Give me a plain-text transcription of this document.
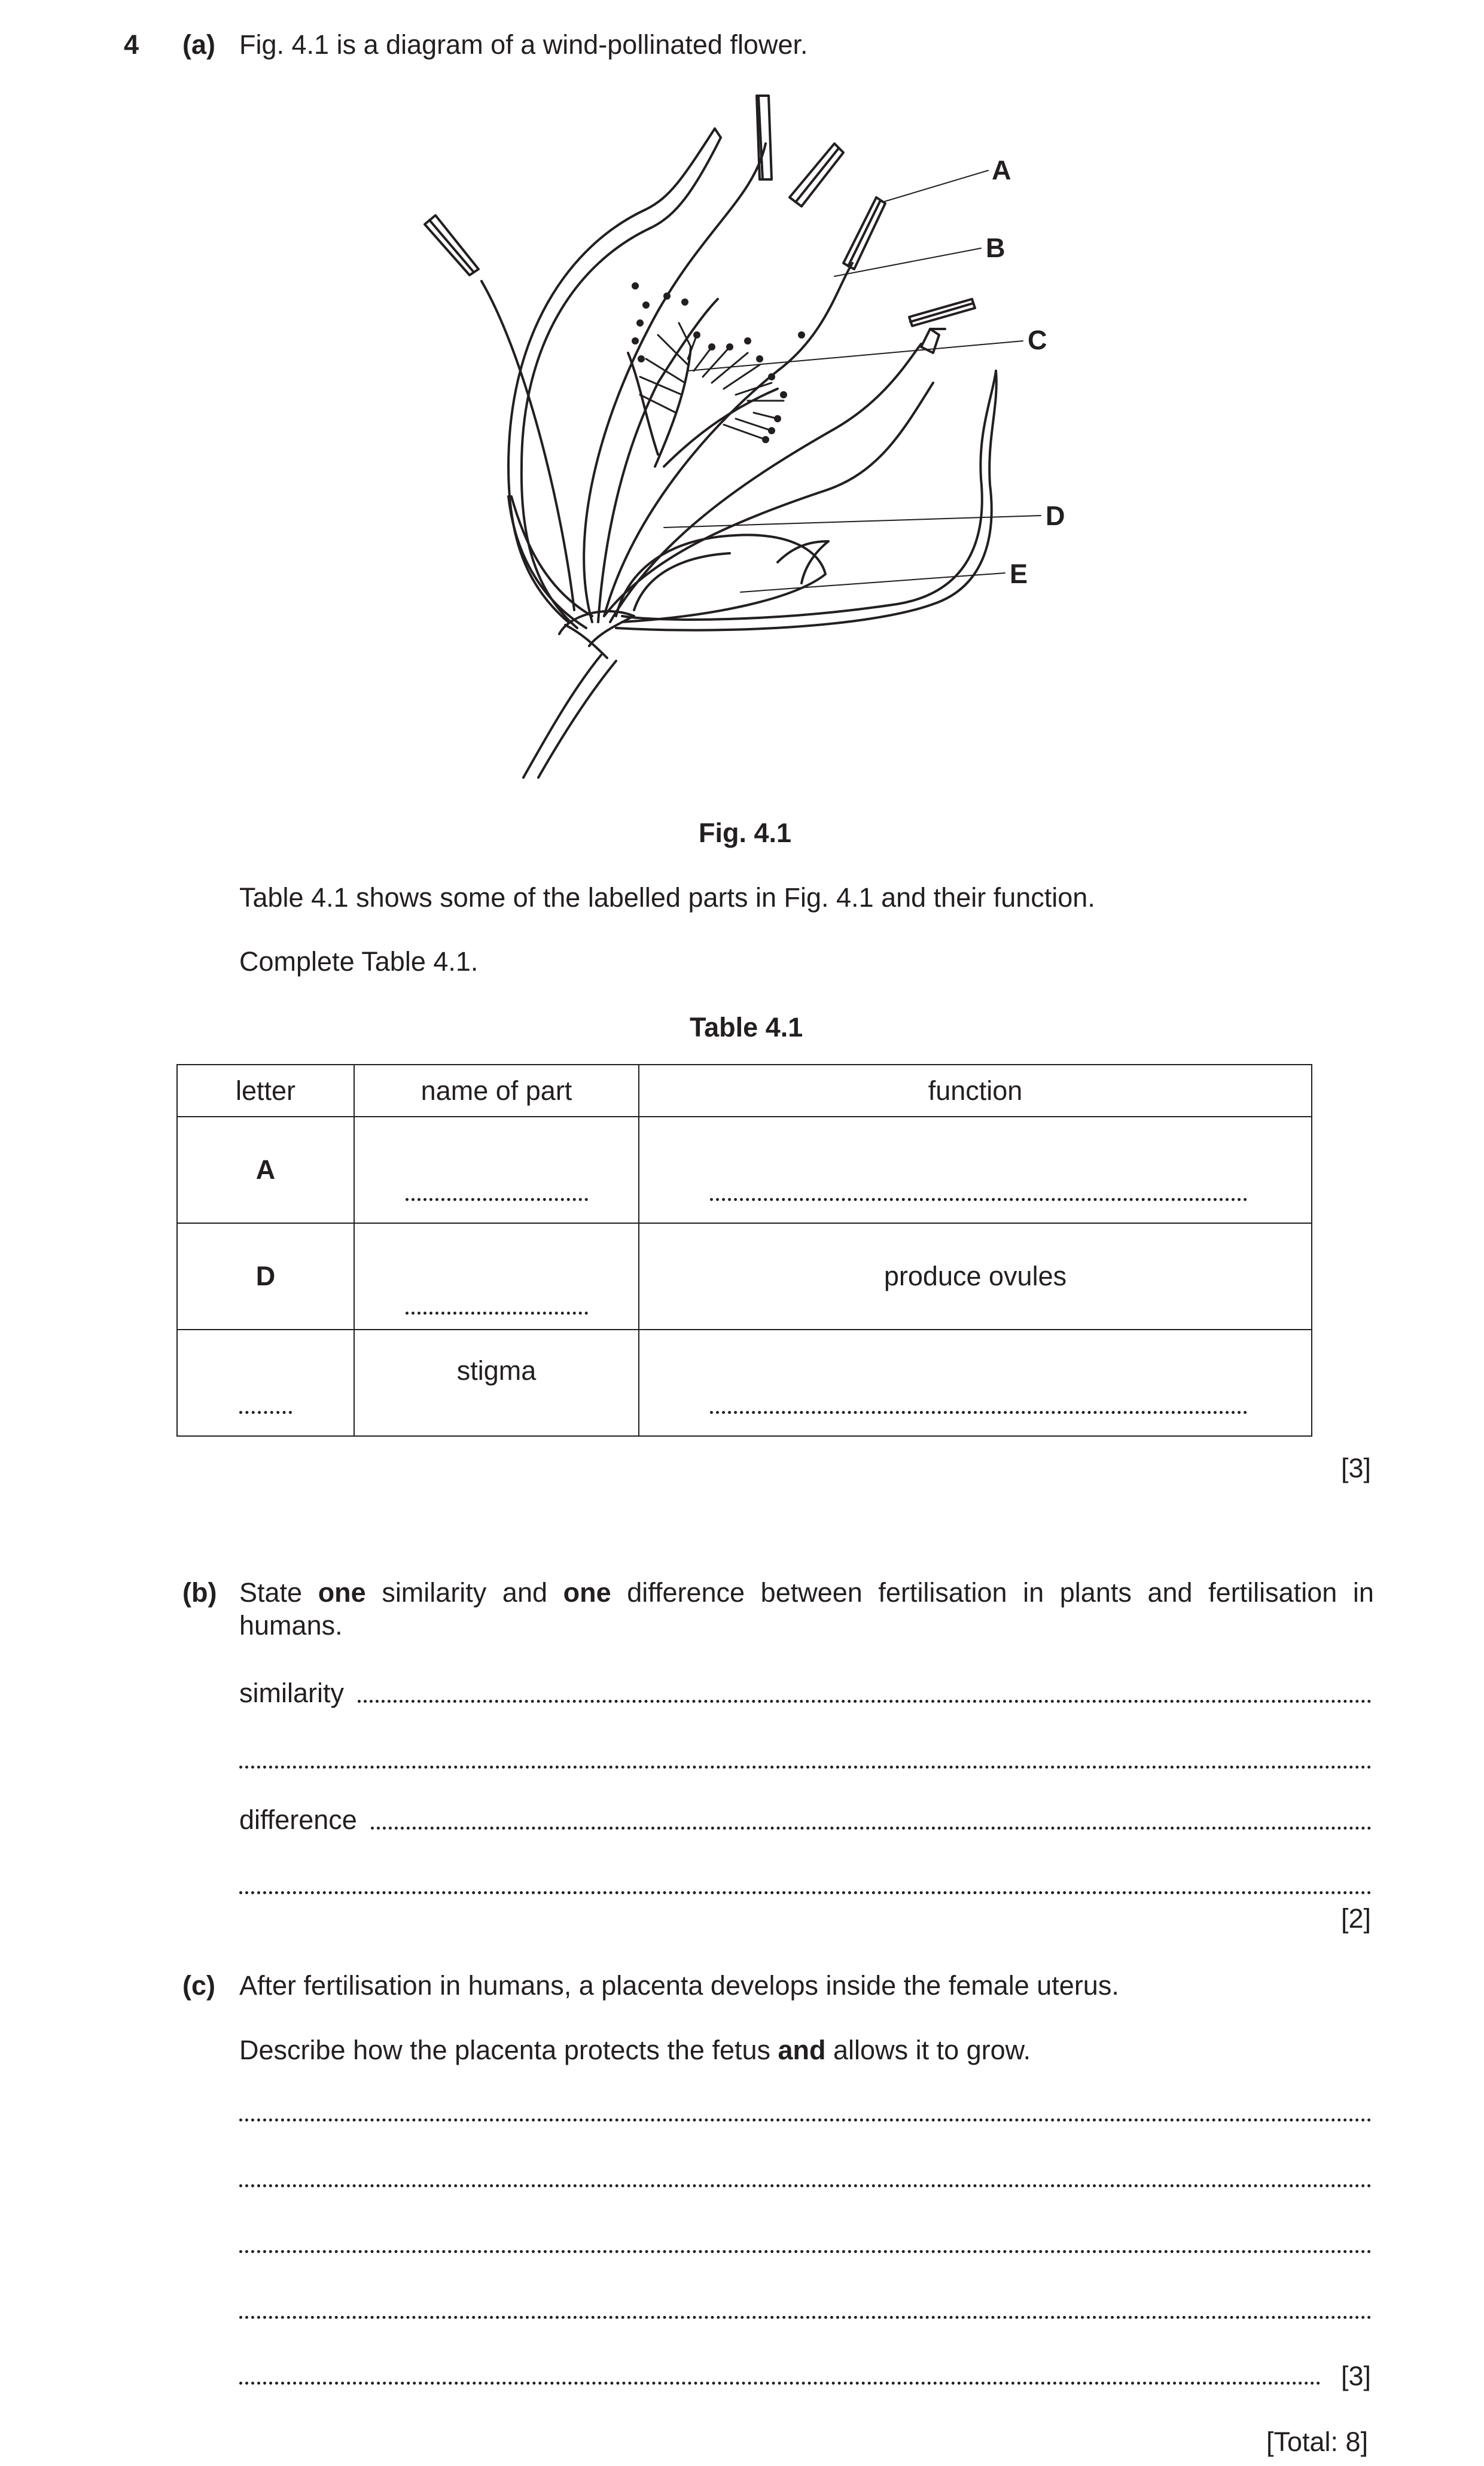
4 (a) Fig. 4.1 is a diagram of a wind-pollinated flower.
A
B
C
D
E
Fig. 4.1
Table 4.1 shows some of the labelled parts in Fig. 4.1 and their function.
Complete Table 4.1.
Table 4.1
letter	name of part	function

A		

D		produce ovules

	stigma	

[3]
(b) State one similarity and one difference between fertilisation in plants and fertilisation in
humans.
similarity
difference
[2]
(c) After fertilisation in humans, a placenta develops inside the female uterus.
Describe how the placenta protects the fetus and allows it to grow.
[3]
[Total: 8]
